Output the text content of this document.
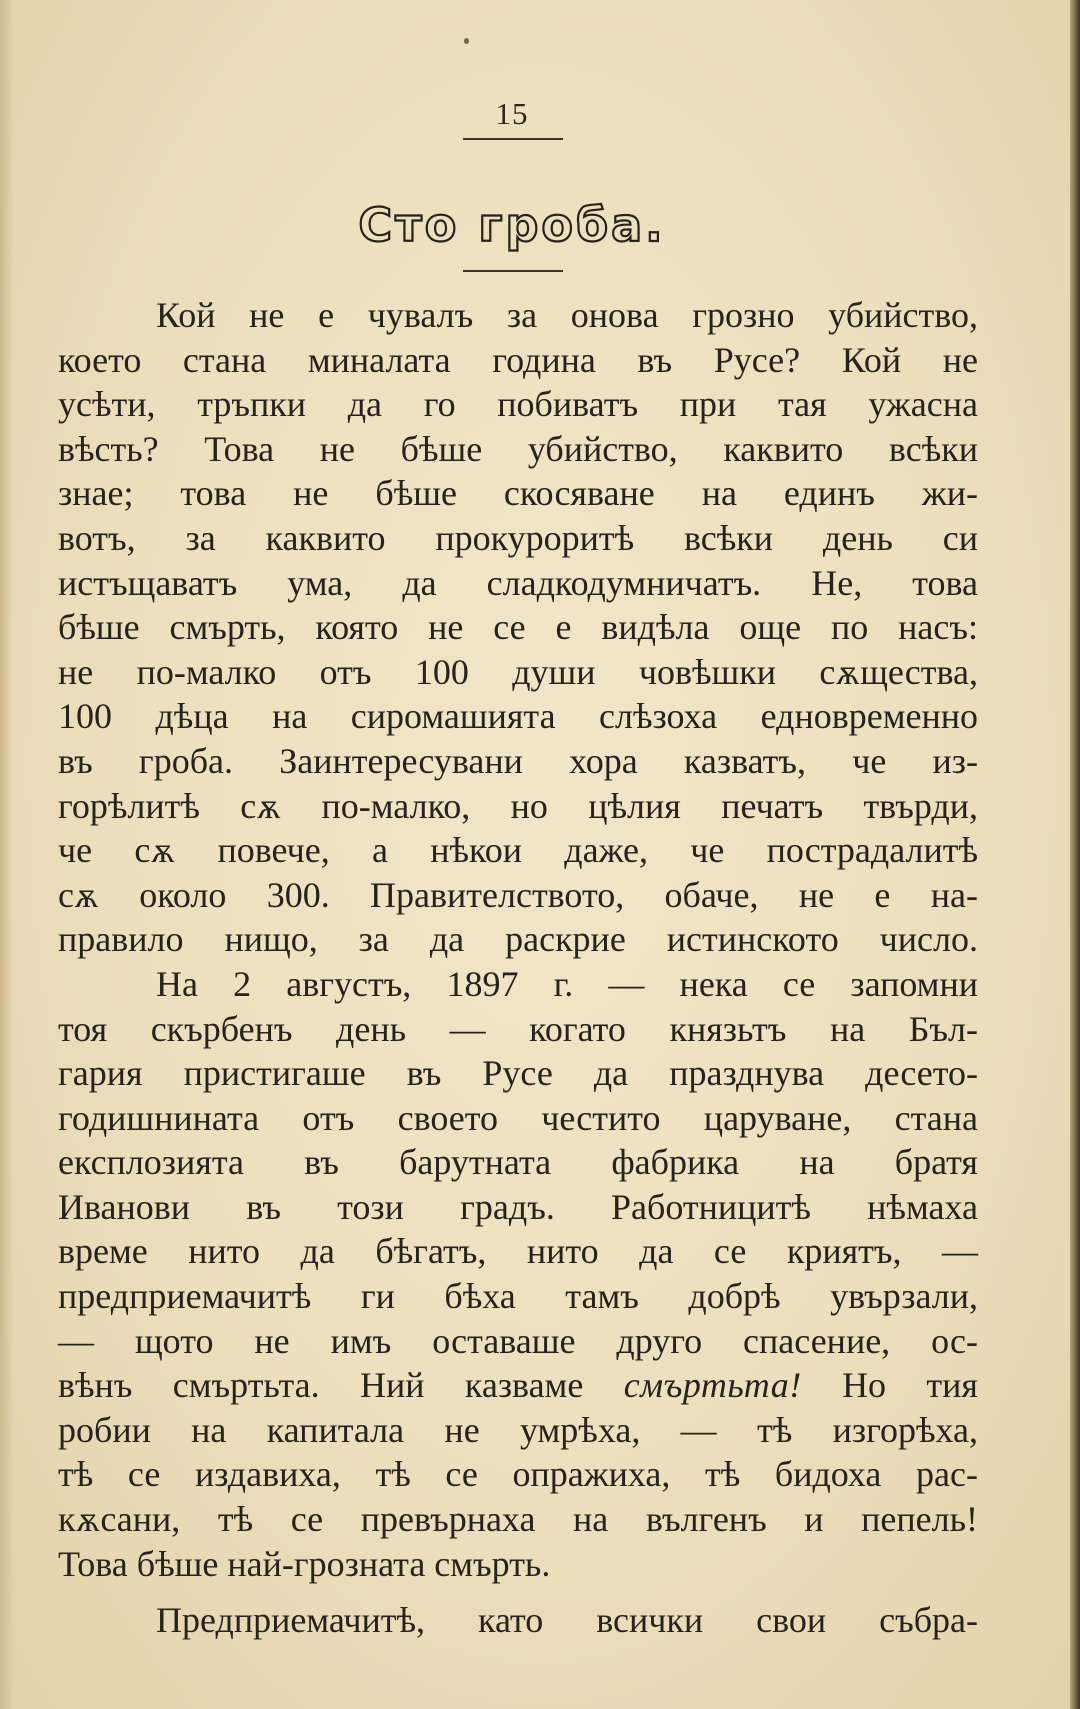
15
Сто гроба.
Кой не е чувалъ за онова грозно убийство,
което стана миналата година въ Русе? Кой не
усѣти, тръпки да го побиватъ при тая ужасна
вѣсть? Това не бѣше убийство, каквито всѣки
знае; това не бѣше скосяване на единъ жи-
вотъ, за каквито прокуроритѣ всѣки день си
истъщаватъ ума, да сладкодумничатъ. Не, това
бѣше смърть, която не се е видѣла още по насъ:
не по-малко отъ 100 души човѣшки сѫщества,
100 дѣца на сиромашията слѣзоха едновременно
въ гроба. Заинтересувани хора казватъ, че из-
горѣлитѣ сѫ по-малко, но цѣлия печатъ твърди,
че сѫ повече, а нѣкои даже, че пострадалитѣ
сѫ около 300. Правителството, обаче, не е на-
правило нищо, за да раскрие истинското число.
На 2 августъ, 1897 г. — нека се запомни
тоя скърбенъ день — когато князьтъ на Бъл-
гария пристигаше въ Русе да празднува десето-
годишнината отъ своето честито царуване, стана
експлозията въ барутната фабрика на братя
Иванови въ този градъ. Работницитѣ нѣмаха
време нито да бѣгатъ, нито да се криятъ, —
предприемачитѣ ги бѣха тамъ добрѣ увързали,
— щото не имъ оставаше друго спасение, ос-
вѣнъ смъртьта. Ний казваме смъртьта! Но тия
робии на капитала не умрѣха, — тѣ изгорѣха,
тѣ се издавиха, тѣ се опражиха, тѣ бидоха рас-
кѫсани, тѣ се превърнаха на вългенъ и пепель!
Това бѣше най-грозната смърть.
Предприемачитѣ, като всички свои събра-
